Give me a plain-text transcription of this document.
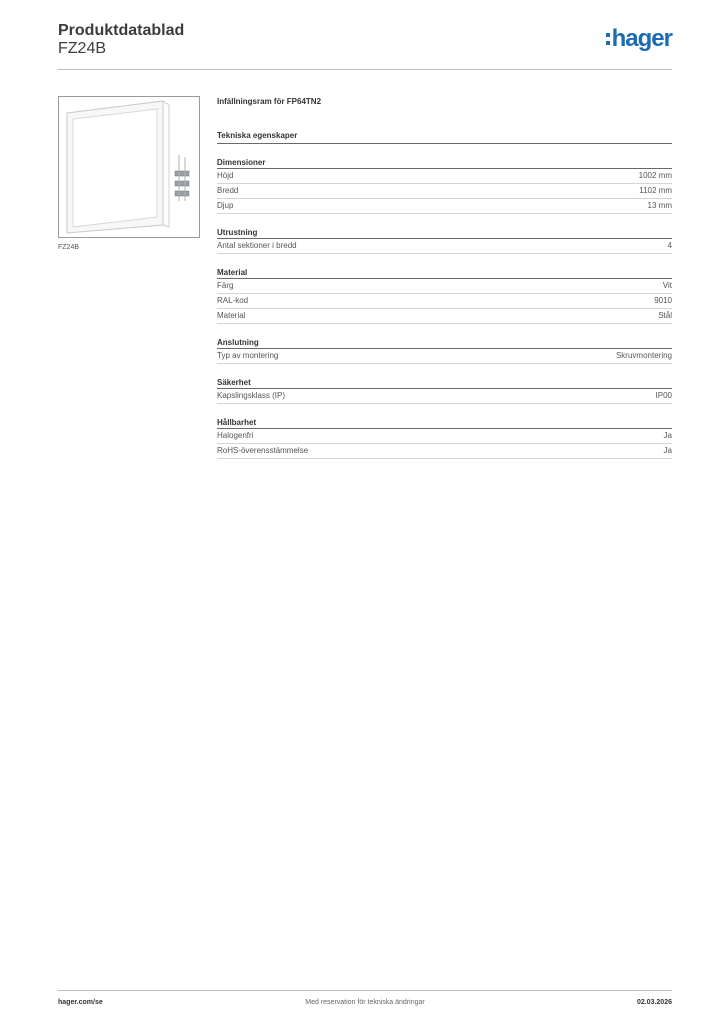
Produktdatablad
FZ24B	hager
FZ24B
Infällningsram för FP64TN2
Tekniska egenskaper
Dimensioner
Höjd	1002 mm
Bredd	1102 mm
Djup	13 mm
Utrustning
Antal sektioner i bredd	4
Material
Färg	Vit
RAL-kod	9010
Material	Stål
Anslutning
Typ av montering	Skruvmontering
Säkerhet
Kapslingsklass (IP)	IP00
Hållbarhet
Halogenfri	Ja
RoHS-överensstämmelse	Ja
hager.com/se	Med reservation för tekniska ändringar	02.03.2026
